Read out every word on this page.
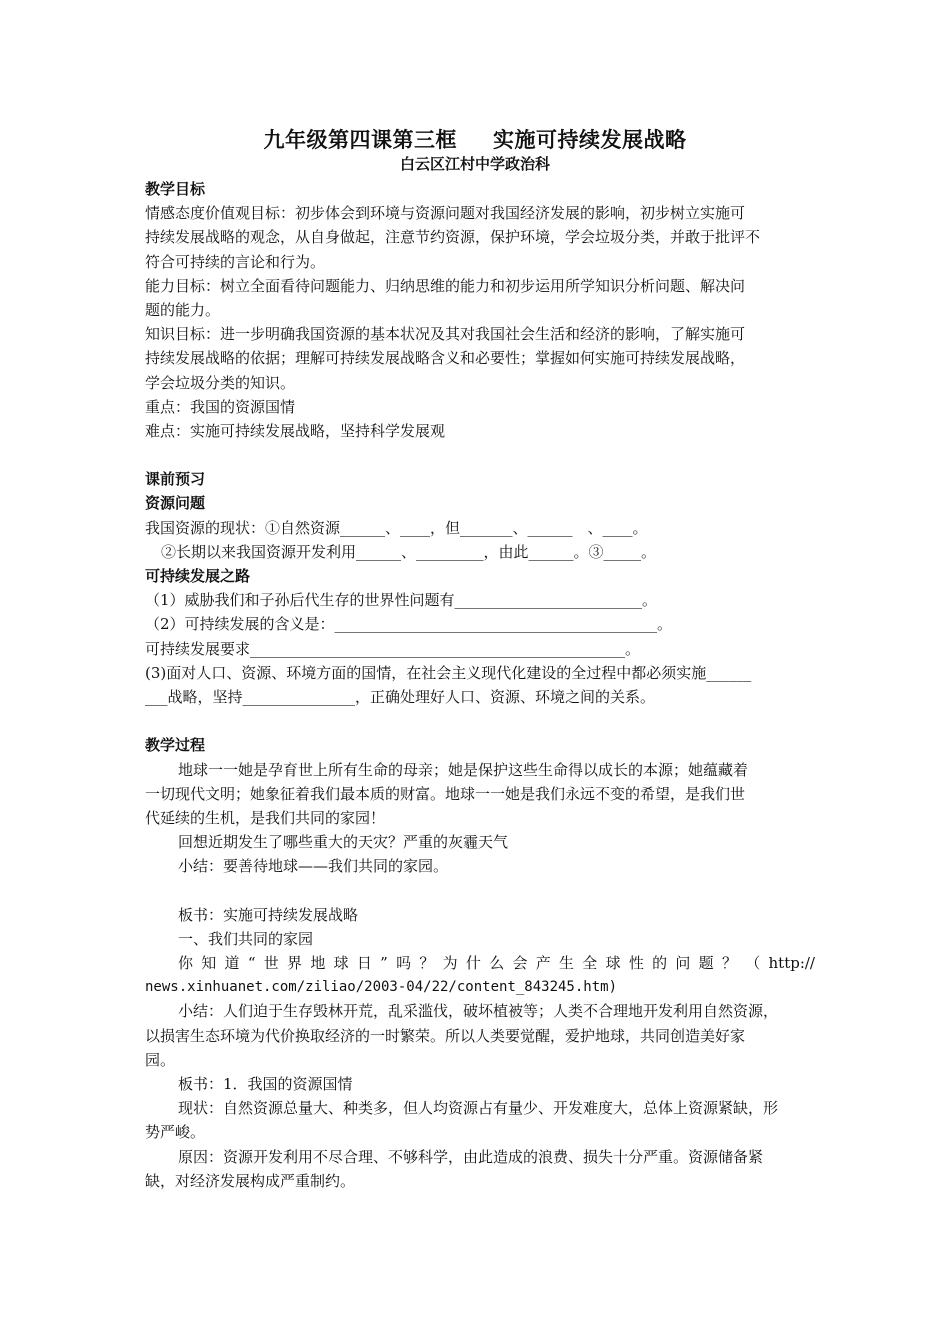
九年级第四课第三框 实施可持续发展战略
白云区江村中学政治科
教学目标
情感态度价值观目标：初步体会到环境与资源问题对我国经济发展的影响，初步树立实施可
持续发展战略的观念，从自身做起，注意节约资源，保护环境，学会垃圾分类，并敢于批评不
符合可持续的言论和行为。
能力目标：树立全面看待问题能力、归纳思维的能力和初步运用所学知识分析问题、解决问
题的能力。
知识目标：进一步明确我国资源的基本状况及其对我国社会生活和经济的影响，了解实施可
持续发展战略的依据；理解可持续发展战略含义和必要性；掌握如何实施可持续发展战略，
学会垃圾分类的知识。
重点：我国的资源国情
难点：实施可持续发展战略，坚持科学发展观
课前预习
资源问题
我国资源的现状：①自然资源______、____，但_______、______　、____。
②长期以来我国资源开发利用______、_________，由此______。③_____。
可持续发展之路
（1）威胁我们和子孙后代生存的世界性问题有_________________________。
（2）可持续发展的含义是：___________________________________________。
可持续发展要求__________________________________________________。
(3)面对人口、资源、环境方面的国情，在社会主义现代化建设的全过程中都必须实施______
___战略，坚持_______________，正确处理好人口、资源、环境之间的关系。
教学过程
地球一一她是孕育世上所有生命的母亲；她是保护这些生命得以成长的本源；她蕴藏着
一切现代文明；她象征着我们最本质的财富。地球一一她是我们永远不变的希望，是我们世
代延续的生机，是我们共同的家园！
回想近期发生了哪些重大的天灾？严重的灰霾天气
小结：要善待地球——我们共同的家园。
板书：实施可持续发展战略
一、我们共同的家园
你知道“世界地球日”吗？为什么会产生全球性的问题？（http://
news.xinhuanet.com/ziliao/2003-04/22/content_843245.htm)
小结：人们迫于生存毁林开荒，乱采滥伐，破坏植被等；人类不合理地开发利用自然资源，
以损害生态环境为代价换取经济的一时繁荣。所以人类要觉醒，爱护地球，共同创造美好家
园。
板书：1．我国的资源国情
现状：自然资源总量大、种类多，但人均资源占有量少、开发难度大，总体上资源紧缺，形
势严峻。
原因：资源开发利用不尽合理、不够科学，由此造成的浪费、损失十分严重。资源储备紧
缺，对经济发展构成严重制约。
